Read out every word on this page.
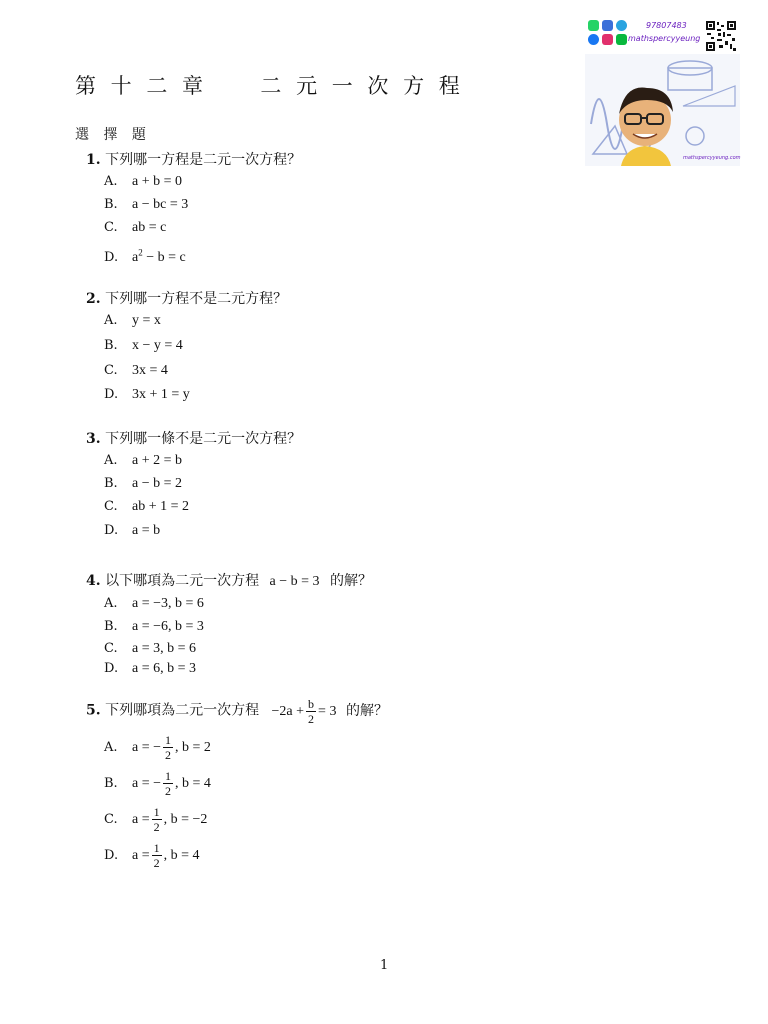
第 十 二 章     二 元 一 次 方 程
選 擇 題
97807483
mathspercyyeung
mathspercyyeung.com
1. 下列哪一方程是二元一次方程？
A. a + b = 0
B. a − bc = 3
C. ab = c
D. $a^2 - b = c$
2. 下列哪一方程不是二元方程？
A. y = x
B. x − y = 4
C. 3x = 4
D. 3x + 1 = y
3. 下列哪一條不是二元一次方程？
A. a + 2 = b
B. a − b = 2
C. ab + 1 = 2
D. a = b
4. 以下哪項為二元一次方程 a − b = 3 的解？
A. a = −3, b = 6
B. a = −6, b = 3
C. a = 3, b = 6
D. a = 6, b = 3
5. 下列哪項為二元一次方程 $-2a + \frac{b}{2} = 3$ 的解？
A. a = − $\frac{1}{2}$ , b = 2
B. a = − $\frac{1}{2}$ , b = 4
C. $a = \frac{1}{2}$ , b = −2
D. $a = \frac{1}{2}$ , b = 4
1
